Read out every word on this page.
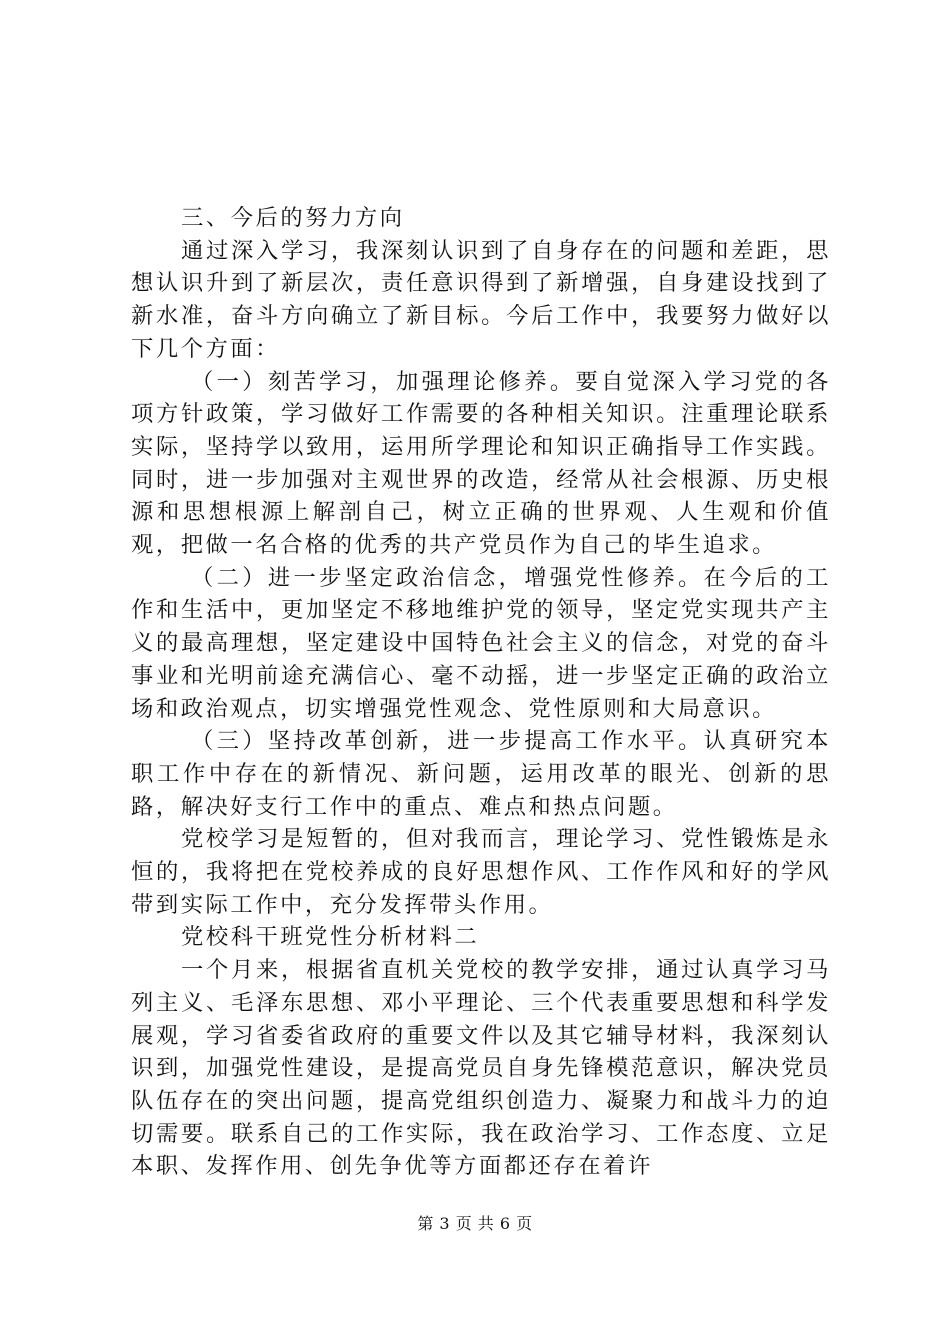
三、今后的努力方向

通过深入学习，我深刻认识到了自身存在的问题和差距，思想认识升到了新层次，责任意识得到了新增强，自身建设找到了新水准，奋斗方向确立了新目标。今后工作中，我要努力做好以下几个方面：

（一）刻苦学习，加强理论修养。要自觉深入学习党的各项方针政策，学习做好工作需要的各种相关知识。注重理论联系实际，坚持学以致用，运用所学理论和知识正确指导工作实践。同时，进一步加强对主观世界的改造，经常从社会根源、历史根源和思想根源上解剖自己，树立正确的世界观、人生观和价值观，把做一名合格的优秀的共产党员作为自己的毕生追求。

（二）进一步坚定政治信念，增强党性修养。在今后的工作和生活中，更加坚定不移地维护党的领导，坚定党实现共产主义的最高理想，坚定建设中国特色社会主义的信念，对党的奋斗事业和光明前途充满信心、毫不动摇，进一步坚定正确的政治立场和政治观点，切实增强党性观念、党性原则和大局意识。

（三）坚持改革创新，进一步提高工作水平。认真研究本职工作中存在的新情况、新问题，运用改革的眼光、创新的思路，解决好支行工作中的重点、难点和热点问题。

党校学习是短暂的，但对我而言，理论学习、党性锻炼是永恒的，我将把在党校养成的良好思想作风、工作作风和好的学风带到实际工作中，充分发挥带头作用。

党校科干班党性分析材料二

一个月来，根据省直机关党校的教学安排，通过认真学习马列主义、毛泽东思想、邓小平理论、三个代表重要思想和科学发展观，学习省委省政府的重要文件以及其它辅导材料，我深刻认识到，加强党性建设，是提高党员自身先锋模范意识，解决党员队伍存在的突出问题，提高党组织创造力、凝聚力和战斗力的迫切需要。联系自己的工作实际，我在政治学习、工作态度、立足本职、发挥作用、创先争优等方面都还存在着许

第 3 页 共 6 页
